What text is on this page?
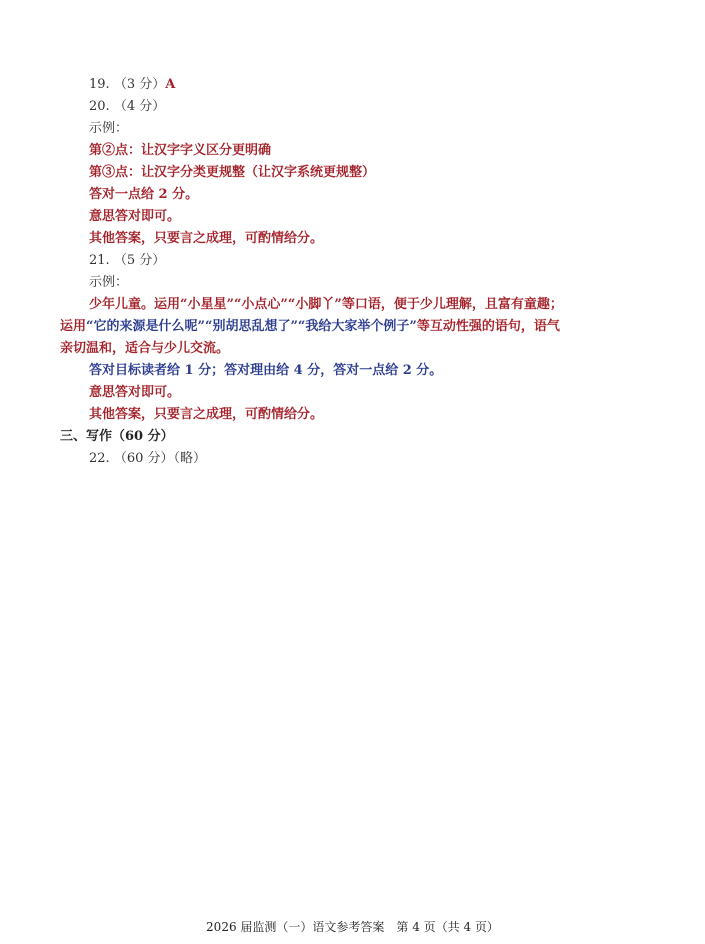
19. （3 分）A
20. （4 分）
示例：
第②点：让汉字字义区分更明确
第③点：让汉字分类更规整（让汉字系统更规整）
答对一点给 2 分。
意思答对即可。
其他答案，只要言之成理，可酌情给分。
21. （5 分）
示例：
少年儿童。运用“小星星”“小点心”“小脚丫”等口语，便于少儿理解，且富有童趣；
运用“它的来源是什么呢”“别胡思乱想了”“我给大家举个例子”等互动性强的语句，语气
亲切温和，适合与少儿交流。
答对目标读者给 1 分；答对理由给 4 分，答对一点给 2 分。
意思答对即可。
其他答案，只要言之成理，可酌情给分。
三、写作（60 分）
22. （60 分）（略）
2026 届监测（一）语文参考答案　第 4 页（共 4 页）
